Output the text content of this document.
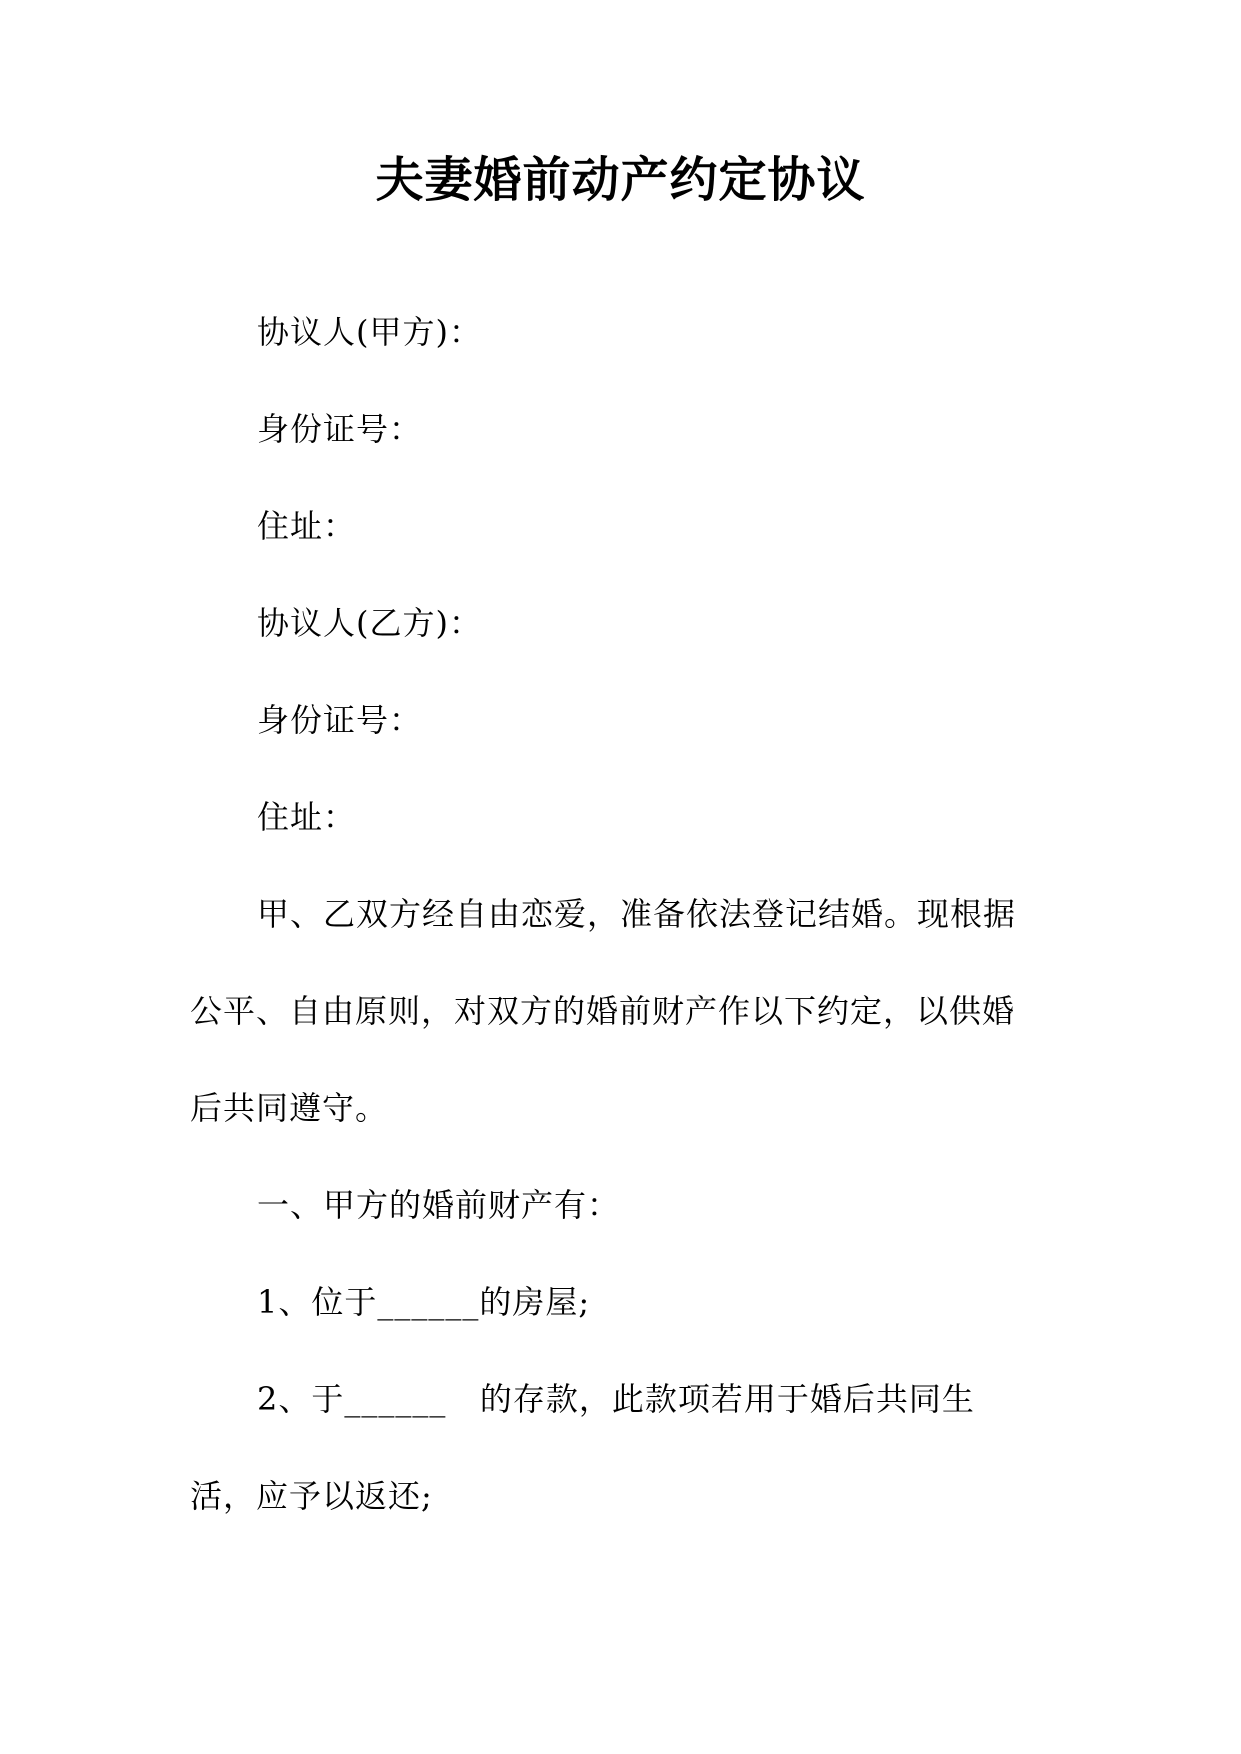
夫妻婚前动产约定协议
协议人(甲方)：
身份证号：
住址：
协议人(乙方)：
身份证号：
住址：
甲、乙双方经自由恋爱，准备依法登记结婚。现根据
公平、自由原则，对双方的婚前财产作以下约定，以供婚
后共同遵守。
一、甲方的婚前财产有：
1、位于______的房屋;
2、于______   的存款，此款项若用于婚后共同生
活，应予以返还;
